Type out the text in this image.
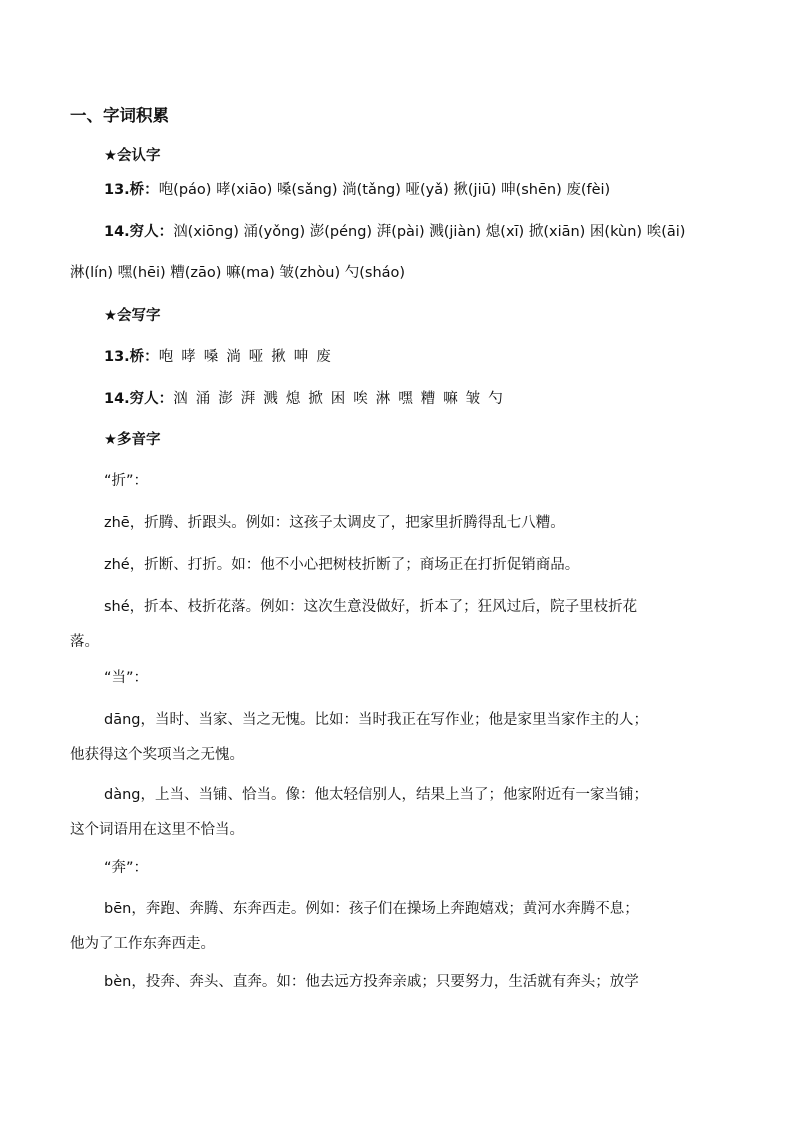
一、字词积累
★会认字
13.桥：咆(páo) 哮(xiāo) 嗓(sǎng) 淌(tǎng) 哑(yǎ) 揪(jiū) 呻(shēn) 废(fèi)
14.穷人：汹(xiōng) 涌(yǒng) 澎(péng) 湃(pài) 溅(jiàn) 熄(xī) 掀(xiān) 困(kùn) 唉(āi)
淋(lín) 嘿(hēi) 糟(zāo) 嘛(ma) 皱(zhòu) 勺(sháo)
★会写字
13.桥：咆 哮 嗓 淌 哑 揪 呻 废
14.穷人：汹 涌 澎 湃 溅 熄 掀 困 唉 淋 嘿 糟 嘛 皱 勺
★多音字
“折”：
zhē，折腾、折跟头。例如：这孩子太调皮了，把家里折腾得乱七八糟。
zhé，折断、打折。如：他不小心把树枝折断了；商场正在打折促销商品。
shé，折本、枝折花落。例如：这次生意没做好，折本了；狂风过后，院子里枝折花
落。
“当”：
dāng，当时、当家、当之无愧。比如：当时我正在写作业；他是家里当家作主的人；
他获得这个奖项当之无愧。
dàng，上当、当铺、恰当。像：他太轻信别人，结果上当了；他家附近有一家当铺；
这个词语用在这里不恰当。
“奔”：
bēn，奔跑、奔腾、东奔西走。例如：孩子们在操场上奔跑嬉戏；黄河水奔腾不息；
他为了工作东奔西走。
bèn，投奔、奔头、直奔。如：他去远方投奔亲戚；只要努力，生活就有奔头；放学
